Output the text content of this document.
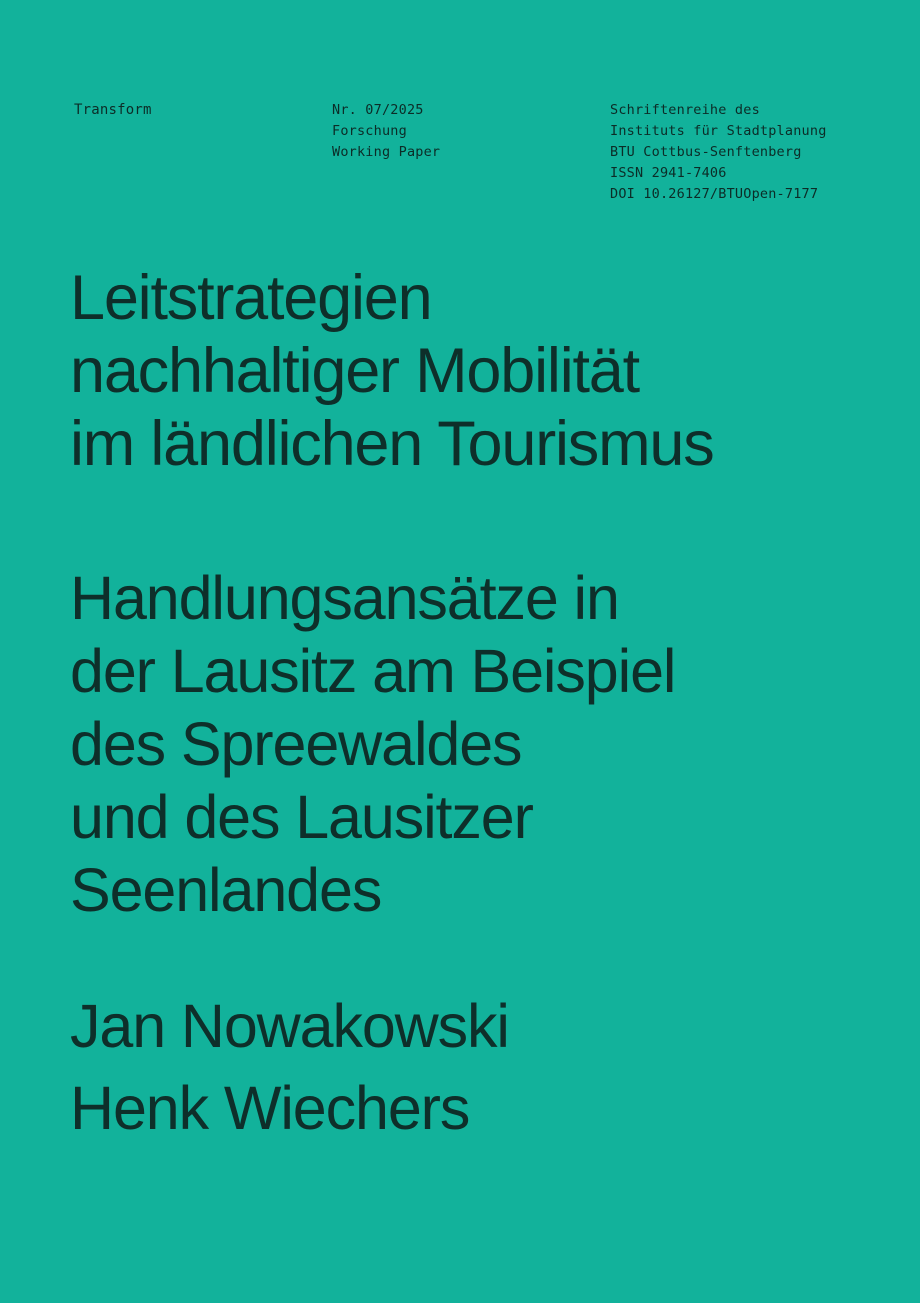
Transform	Nr. 07/2025
Forschung
Working Paper
Schriftenreihe des
Instituts für Stadtplanung
BTU Cottbus-Senftenberg
ISSN 2941-7406
DOI 10.26127/BTUOpen-7177
Leitstrategien
nachhaltiger Mobilität
im ländlichen Tourismus
Handlungsansätze in
der Lausitz am Beispiel
des Spreewaldes
und des Lausitzer
Seenlandes
Jan Nowakowski
Henk Wiechers
